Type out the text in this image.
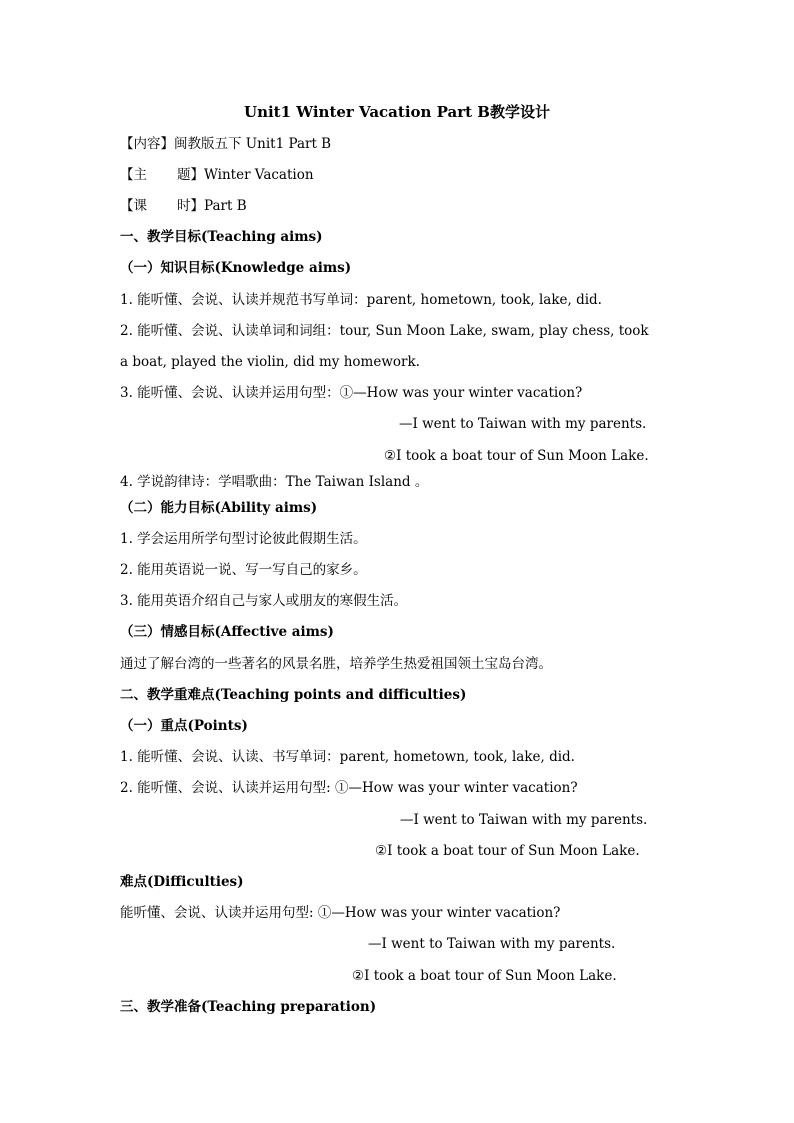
Unit1 Winter Vacation Part B教学设计
【内容】闽教版五下 Unit1 Part B
【主 题】Winter Vacation
【课 时】Part B
一、教学目标(Teaching aims)
（一）知识目标(Knowledge aims)
1. 能听懂、会说、认读并规范书写单词：parent, hometown, took, lake, did.
2. 能听懂、会说、认读单词和词组：tour, Sun Moon Lake, swam, play chess, took
a boat, played the violin, did my homework.
3. 能听懂、会说、认读并运用句型：①—How was your winter vacation?
—I went to Taiwan with my parents.
②I took a boat tour of Sun Moon Lake.
4. 学说韵律诗：学唱歌曲：The Taiwan Island 。
（二）能力目标(Ability aims)
1. 学会运用所学句型讨论彼此假期生活。
2. 能用英语说一说、写一写自己的家乡。
3. 能用英语介绍自己与家人或朋友的寒假生活。
（三）情感目标(Affective aims)
通过了解台湾的一些著名的风景名胜，培养学生热爱祖国领土宝岛台湾。
二、教学重难点(Teaching points and difficulties)
（一）重点(Points)
1. 能听懂、会说、认读、书写单词：parent, hometown, took, lake, did.
2. 能听懂、会说、认读并运用句型: ①—How was your winter vacation?
—I went to Taiwan with my parents.
②I took a boat tour of Sun Moon Lake.
难点(Difficulties)
能听懂、会说、认读并运用句型: ①—How was your winter vacation?
—I went to Taiwan with my parents.
②I took a boat tour of Sun Moon Lake.
三、教学准备(Teaching preparation)
